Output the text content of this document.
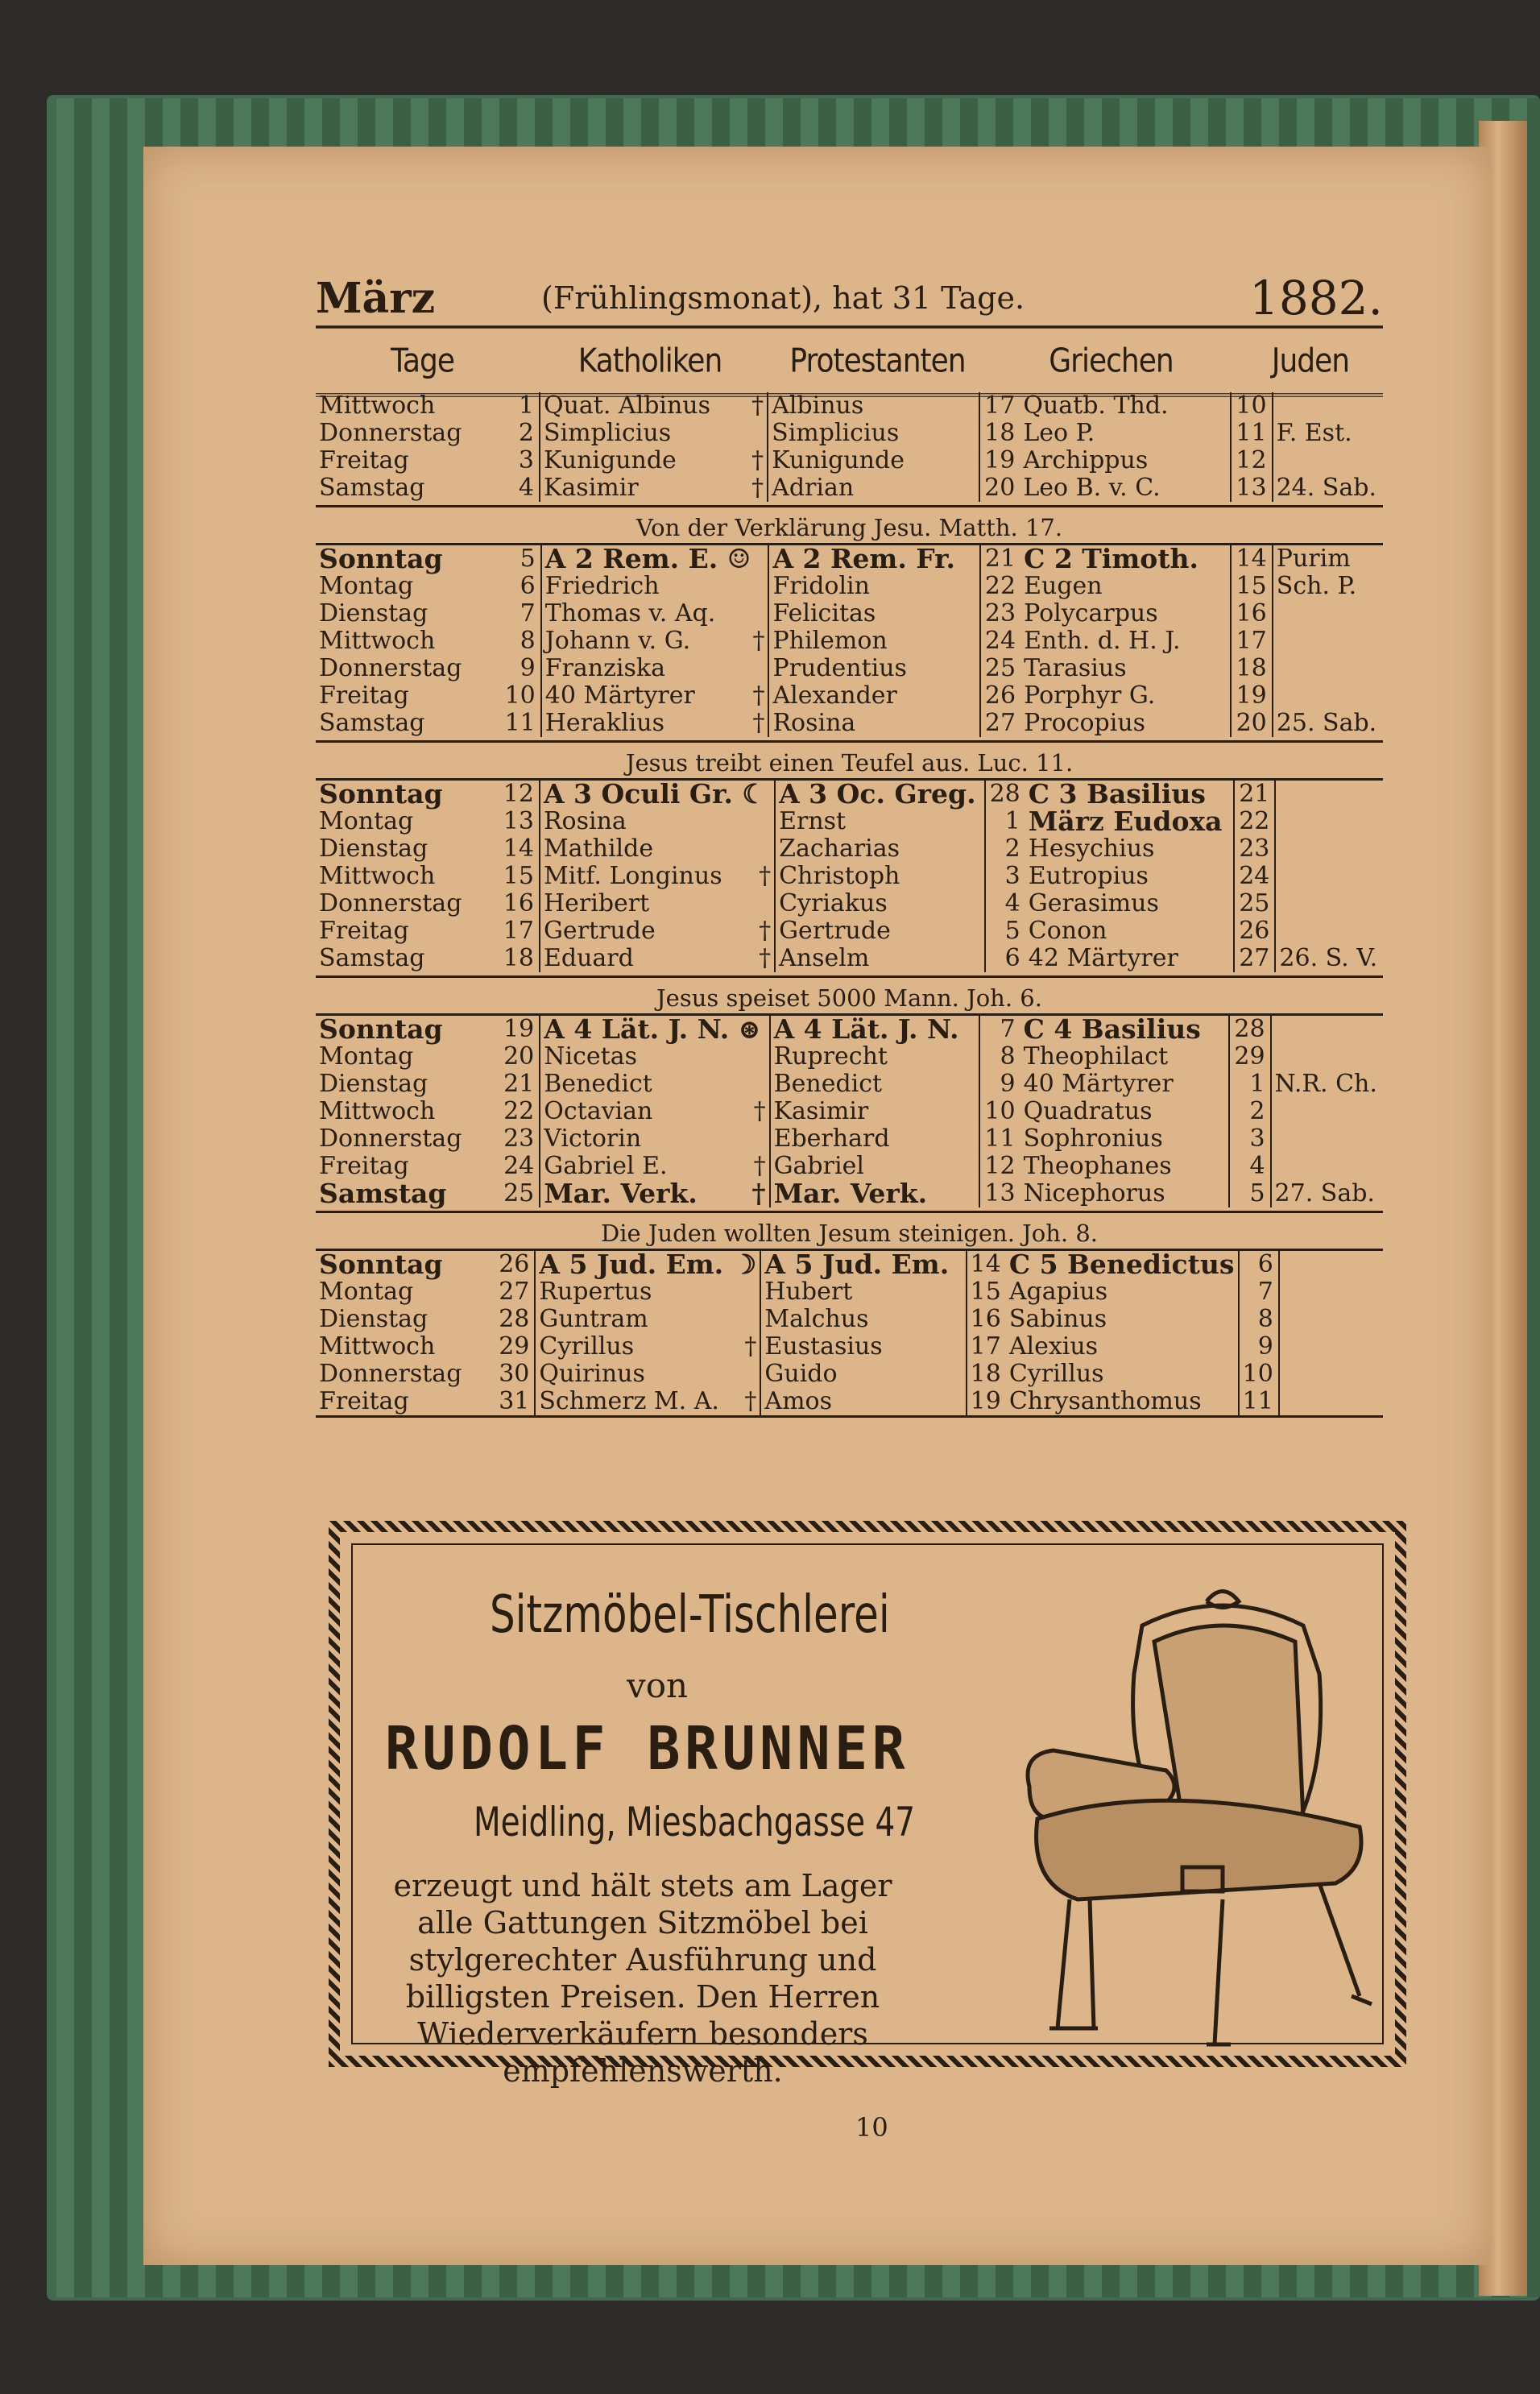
März	(Frühlingsmonat), hat 31 Tage.	1882.
Tage	Katholiken	Protestanten	Griechen	Juden
Mittwoch	1	Quat. Albinus †	Albinus	17	Quatb. Thd.	10	
Donnerstag	2	Simplicius	Simplicius	18	Leo P.	11	F. Est.
Freitag	3	Kunigunde †	Kunigunde	19	Archippus	12	
Samstag	4	Kasimir †	Adrian	20	Leo B. v. C.	13	24. Sab.
Von der Verklärung Jesu. Matth. 17.
Sonntag	5	A 2 Rem. E. ☺	A 2 Rem. Fr.	21	C 2 Timoth.	14	Purim
Montag	6	Friedrich	Fridolin	22	Eugen	15	Sch. P.
Dienstag	7	Thomas v. Aq.	Felicitas	23	Polycarpus	16	
Mittwoch	8	Johann v. G. †	Philemon	24	Enth. d. H. J.	17	
Donnerstag	9	Franziska	Prudentius	25	Tarasius	18	
Freitag	10	40 Märtyrer †	Alexander	26	Porphyr G.	19	
Samstag	11	Heraklius †	Rosina	27	Procopius	20	25. Sab.
Jesus treibt einen Teufel aus. Luc. 11.
Sonntag	12	A 3 Oculi Gr. ☾	A 3 Oc. Greg.	28	C 3 Basilius	21	
Montag	13	Rosina	Ernst	1	März Eudoxa	22	
Dienstag	14	Mathilde	Zacharias	2	Hesychius	23	
Mittwoch	15	Mitf. Longinus †	Christoph	3	Eutropius	24	
Donnerstag	16	Heribert	Cyriakus	4	Gerasimus	25	
Freitag	17	Gertrude †	Gertrude	5	Conon	26	
Samstag	18	Eduard †	Anselm	6	42 Märtyrer	27	26. S. V.
Jesus speiset 5000 Mann. Joh. 6.
Sonntag	19	A 4 Lät. J. N. ⊛	A 4 Lät. J. N.	7	C 4 Basilius	28	
Montag	20	Nicetas	Ruprecht	8	Theophilact	29	
Dienstag	21	Benedict	Benedict	9	40 Märtyrer	1	N.R. Ch.
Mittwoch	22	Octavian †	Kasimir	10	Quadratus	2	
Donnerstag	23	Victorin	Eberhard	11	Sophronius	3	
Freitag	24	Gabriel E. †	Gabriel	12	Theophanes	4	
Samstag	25	Mar. Verk. †	Mar. Verk.	13	Nicephorus	5	27. Sab.
Die Juden wollten Jesum steinigen. Joh. 8.
Sonntag	26	A 5 Jud. Em. ☽	A 5 Jud. Em.	14	C 5 Benedictus	6	
Montag	27	Rupertus	Hubert	15	Agapius	7	
Dienstag	28	Guntram	Malchus	16	Sabinus	8	
Mittwoch	29	Cyrillus †	Eustasius	17	Alexius	9	
Donnerstag	30	Quirinus	Guido	18	Cyrillus	10	
Freitag	31	Schmerz M. A. †	Amos	19	Chrysanthomus	11	
Sitzmöbel-Tischlerei
von
RUDOLF BRUNNER
Meidling, Miesbachgasse 47
erzeugt und hält stets am Lager
alle Gattungen Sitzmöbel bei
stylgerechter Ausführung und
billigsten Preisen. Den Herren
Wiederverkäufern besonders
empfehlenswerth.
10
